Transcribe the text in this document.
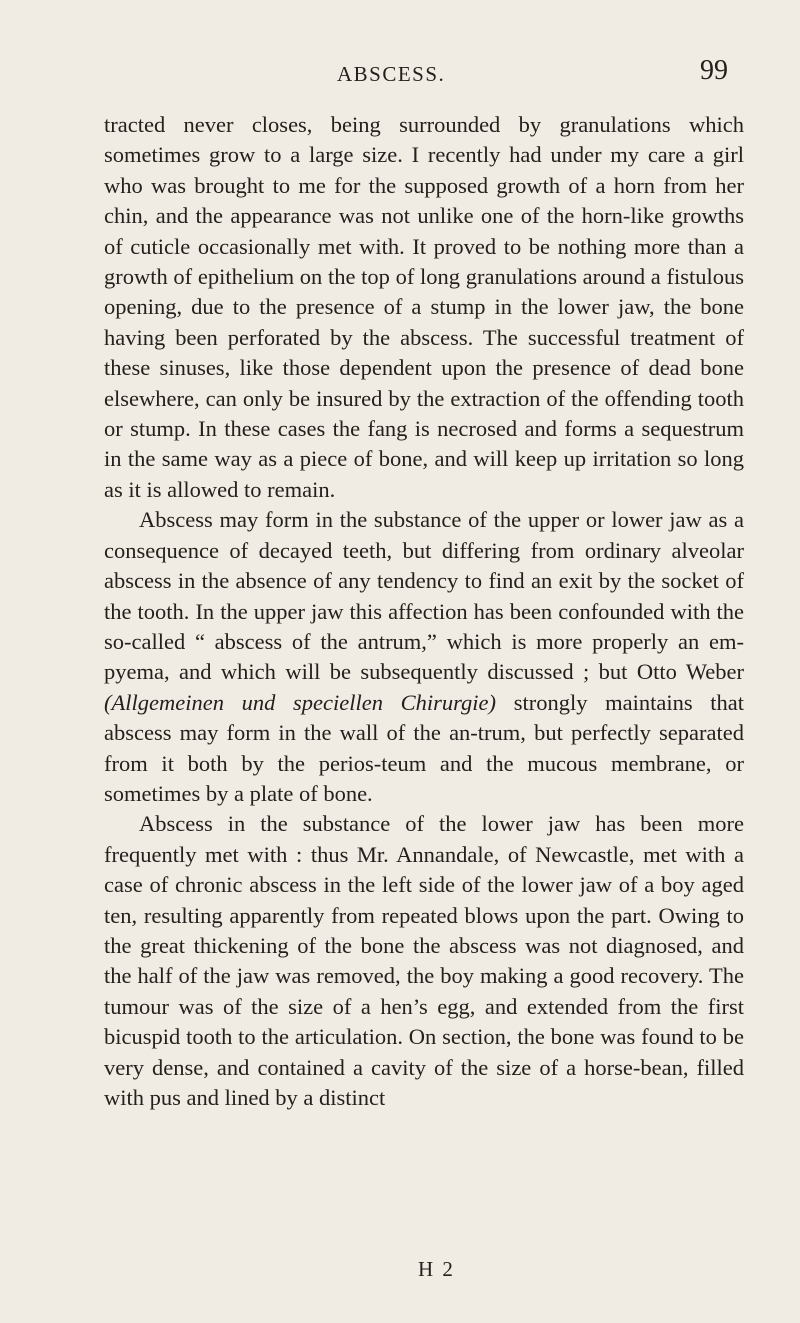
ABSCESS.	99

tracted never closes, being surrounded by granulations which sometimes grow to a large size. I recently had under my care a girl who was brought to me for the supposed growth of a horn from her chin, and the appearance was not unlike one of the horn-like growths of cuticle occasionally met with. It proved to be nothing more than a growth of epithelium on the top of long granulations around a fistulous opening, due to the presence of a stump in the lower jaw, the bone having been perforated by the abscess. The successful treatment of these sinuses, like those dependent upon the presence of dead bone elsewhere, can only be insured by the extraction of the offending tooth or stump. In these cases the fang is necrosed and forms a sequestrum in the same way as a piece of bone, and will keep up irritation so long as it is allowed to remain.

Abscess may form in the substance of the upper or lower jaw as a consequence of decayed teeth, but differing from ordinary alveolar abscess in the absence of any tendency to find an exit by the socket of the tooth. In the upper jaw this affection has been confounded with the so-called “ abscess of the antrum,” which is more properly an em-pyema, and which will be subsequently discussed ; but Otto Weber (Allgemeinen und speciellen Chirurgie) strongly maintains that abscess may form in the wall of the an-trum, but perfectly separated from it both by the perios-teum and the mucous membrane, or sometimes by a plate of bone.

Abscess in the substance of the lower jaw has been more frequently met with : thus Mr. Annandale, of Newcastle, met with a case of chronic abscess in the left side of the lower jaw of a boy aged ten, resulting apparently from repeated blows upon the part. Owing to the great thickening of the bone the abscess was not diagnosed, and the half of the jaw was removed, the boy making a good recovery. The tumour was of the size of a hen’s egg, and extended from the first bicuspid tooth to the articulation. On section, the bone was found to be very dense, and contained a cavity of the size of a horse-bean, filled with pus and lined by a distinct

H 2
